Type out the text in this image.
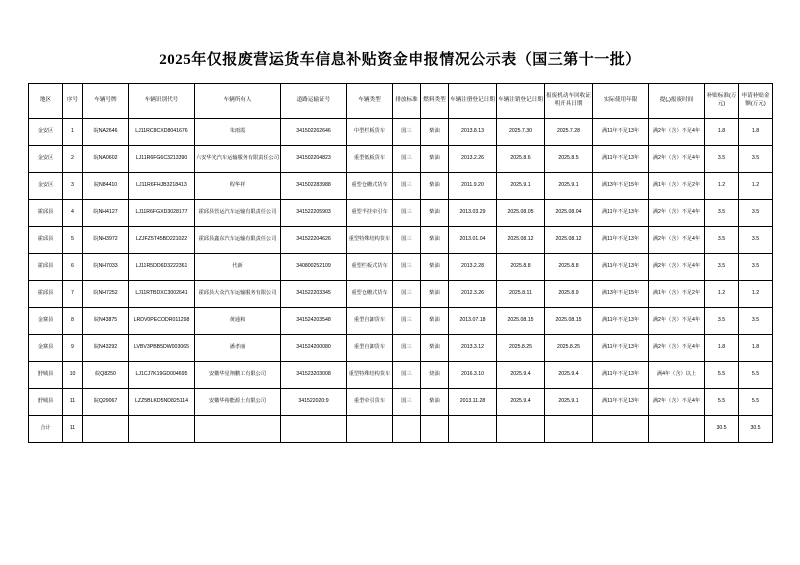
2025年仅报废营运货车信息补贴资金申报情况公示表（国三第十一批）
地区	序号	车辆号牌	车辆识别代号	车辆所有人	道路运输证号	车辆类型	排放标准	燃料类型	车辆注册登记日期	车辆注销登记日期	报废机动车回收证明开具日期	实际使用年限	提(„)报废时间	补贴标准(万元)	申请补贴金额(万元)
金安区	1	皖NA2646	LJ11RC8CXD8041676	朱雨霞	341502262646	中型栏板货车	国三	柴油	2013.8.13	2025.7.30	2025.7.28	满11年不足13年	满2年（含）不足4年	1.8	1.8
金安区	2	皖NA0602	LJ11R6FG6C3213390	六安华光汽车运输服务有限责任公司	341502204823	重型低板货车	国三	柴油	2013.2.26	2025.8.6	2025.8.5	满11年不足13年	满2年（含）不足4年	3.5	3.5
金安区	3	皖N84410	LJ11R6FHJB3218413	程华祥	341502283988	重型仓栅式货车	国三	柴油	2011.9.20	2025.9.1	2025.9.1	满13年不足15年	满1年（含）不足2年	1.2	1.2
霍邱县	4	皖NH4127	LJ11R6FGXD3028177	霍邱县管运汽车运输有限责任公司	341522205903	重型半挂牵引车	国三	柴油	2013.03.29	2025.08.05	2025.08.04	满11年不足13年	满2年（含）不足4年	3.5	3.5
霍邱县	5	皖NH3972	LZJFZ5T45BD221022	霍邱县鑫东汽车运输有限责任公司	341522204626	重型特殊结构货车	国三	柴油	2013.01.04	2025.08.12	2025.08.12	满11年不足13年	满2年（含）不足4年	3.5	3.5
霍邱县	6	皖NH7033	LJ11R5DD6D3222361	代新	340800252109	重型栏板式货车	国三	柴油	2013.2.28	2025.8.8	2025.8.8	满11年不足13年	满2年（含）不足4年	3.5	3.5
霍邱县	7	皖NH7252	LJ11RTBDXC3002641	霍邱县大众汽车运输服务有限公司	341522203345	重型仓栅式货车	国三	柴油	2012.3.26	2025.8.11	2025.8.9	满13年不足15年	满1年（含）不足2年	1.2	1.2
金寨县	8	皖N43875	LRDV0PECODR011298	黄通和	341524203548	重型自卸货车	国三	柴油	2013.07.18	2025.08.15	2025.08.15	满11年不足13年	满2年（含）不足4年	3.5	3.5
金寨县	9	皖N43292	LVBV3PBB5DW003065	潘孝丽	341524200080	重型自卸货车	国三	柴油	2013.3.12	2025.8.25	2025.8.25	满11年不足13年	满2年（含）不足4年	1.8	1.8
舒城县	10	皖Q8250	LJ1CJ7K19GD004695	安徽华星翔鹏工有限公司	341523203008	重型特殊结构货车	国三	烧油	2016.3.10	2025.9.4	2025.9.4	满11年不足13年	满4年（含）以上	5.5	5.5
舒城县	11	皖Q29067	LZZ5BLKD5ND825114	安徽华裕能源土有限公司	341522020:9	重型牵引货车	国三	柴油	2013.11.28	2025.9.4	2025.9.1	满11年不足13年	满2年（含）不足4年	5.5	5.5
合计	11													30.5	30.5
